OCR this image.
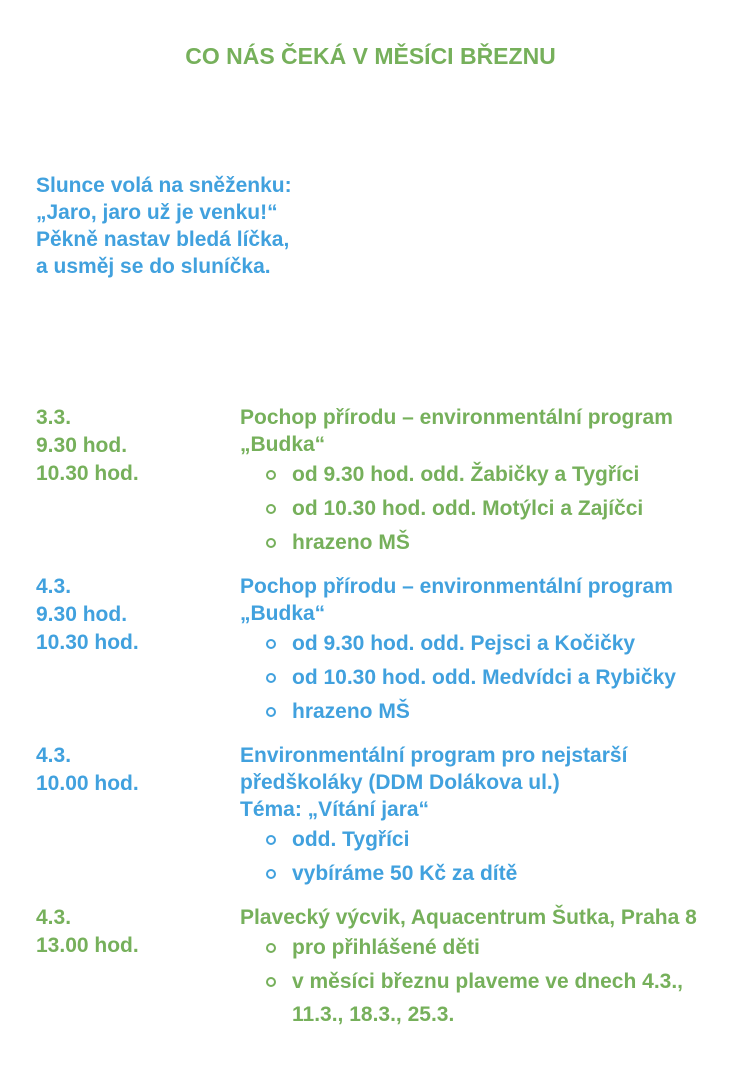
CO NÁS ČEKÁ V MĚSÍCI BŘEZNU
Slunce volá na sněženku:
„Jaro, jaro už je venku!“
Pěkně nastav bledá líčka,
a usměj se do sluníčka.
3.3.
9.30 hod.
10.30 hod.
Pochop přírodu – environmentální program
„Budka“
od 9.30 hod. odd. Žabičky a Tygříci
od 10.30 hod. odd. Motýlci a Zajíčci
hrazeno MŠ
4.3.
9.30 hod.
10.30 hod.
Pochop přírodu – environmentální program
„Budka“
od 9.30 hod. odd. Pejsci a Kočičky
od 10.30 hod. odd. Medvídci a Rybičky
hrazeno MŠ
4.3.
10.00 hod.
Environmentální program pro nejstarší
předškoláky (DDM Dolákova ul.)
Téma: „Vítání jara“
odd. Tygříci
vybíráme 50 Kč za dítě
4.3.
13.00 hod.
Plavecký výcvik, Aquacentrum Šutka, Praha 8
pro přihlášené děti
v měsíci březnu plaveme ve dnech 4.3.,
11.3., 18.3., 25.3.
